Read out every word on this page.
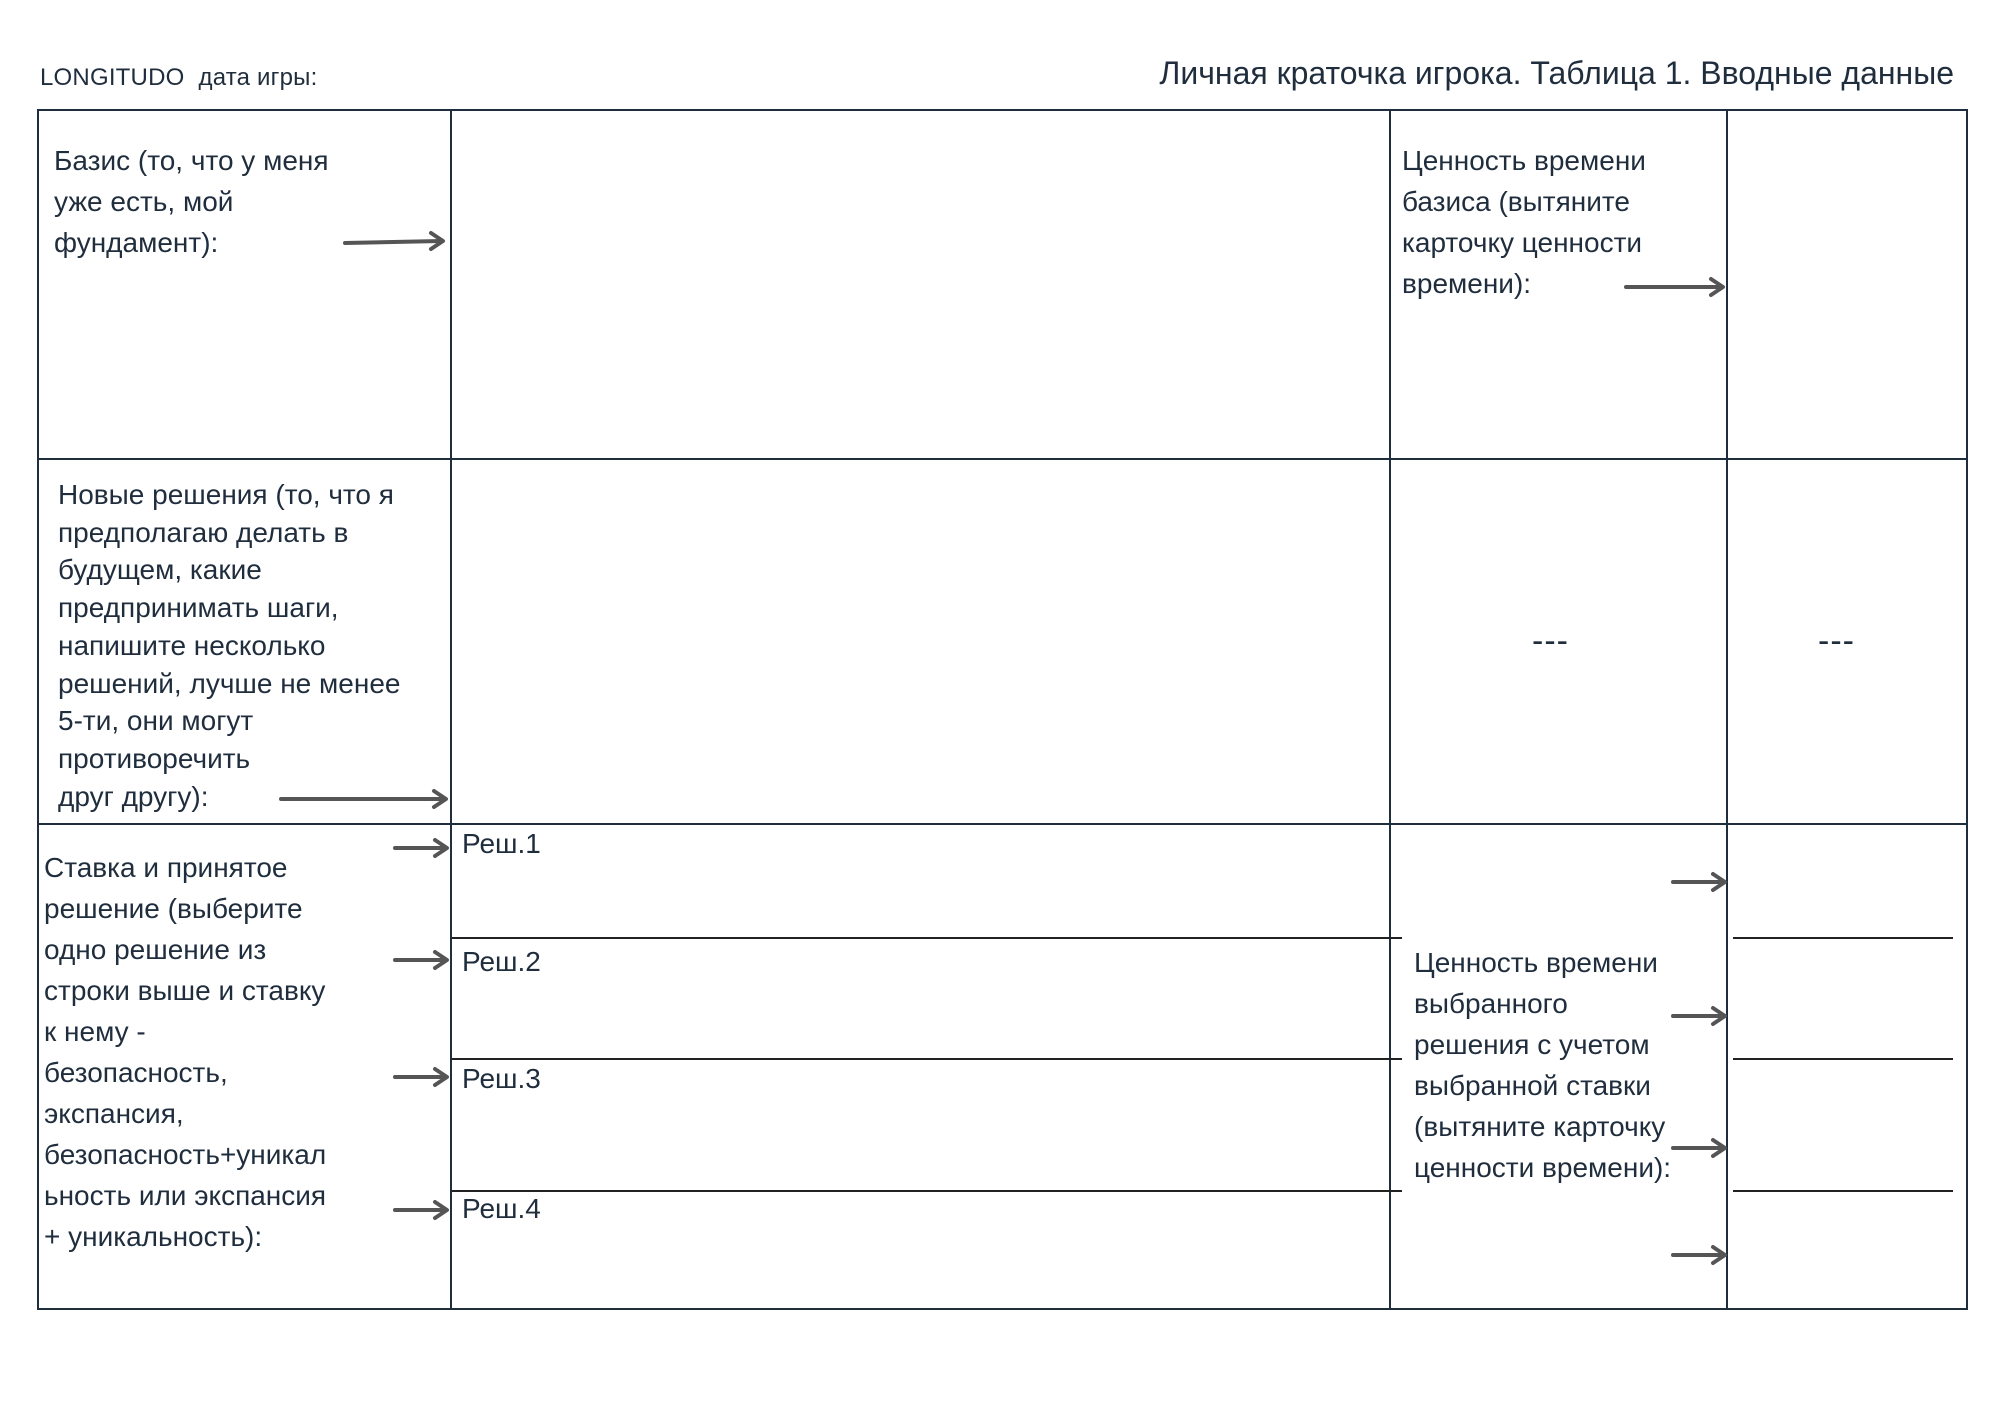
LONGITUDO дата игры:	Личная краточка игрока. Таблица 1. Вводные данные
Базис (то, что у меня
уже есть, мой
фундамент):
Ценность времени
базиса (вытяните
карточку ценности
времени):
Новые решения (то, что я
предполагаю делать в
будущем, какие
предпринимать шаги,
напишите несколько
решений, лучше не менее
5-ти, они могут
противоречить
друг другу):
---	---
Ставка и принятое
решение (выберите
одно решение из
строки выше и ставку
к нему -
безопасность,
экспансия,
безопасность+уникал
ьность или экспансия
+ уникальность):
Реш.1
Реш.2
Реш.3
Реш.4
Ценность времени
выбранного
решения с учетом
выбранной ставки
(вытяните карточку
ценности времени):
